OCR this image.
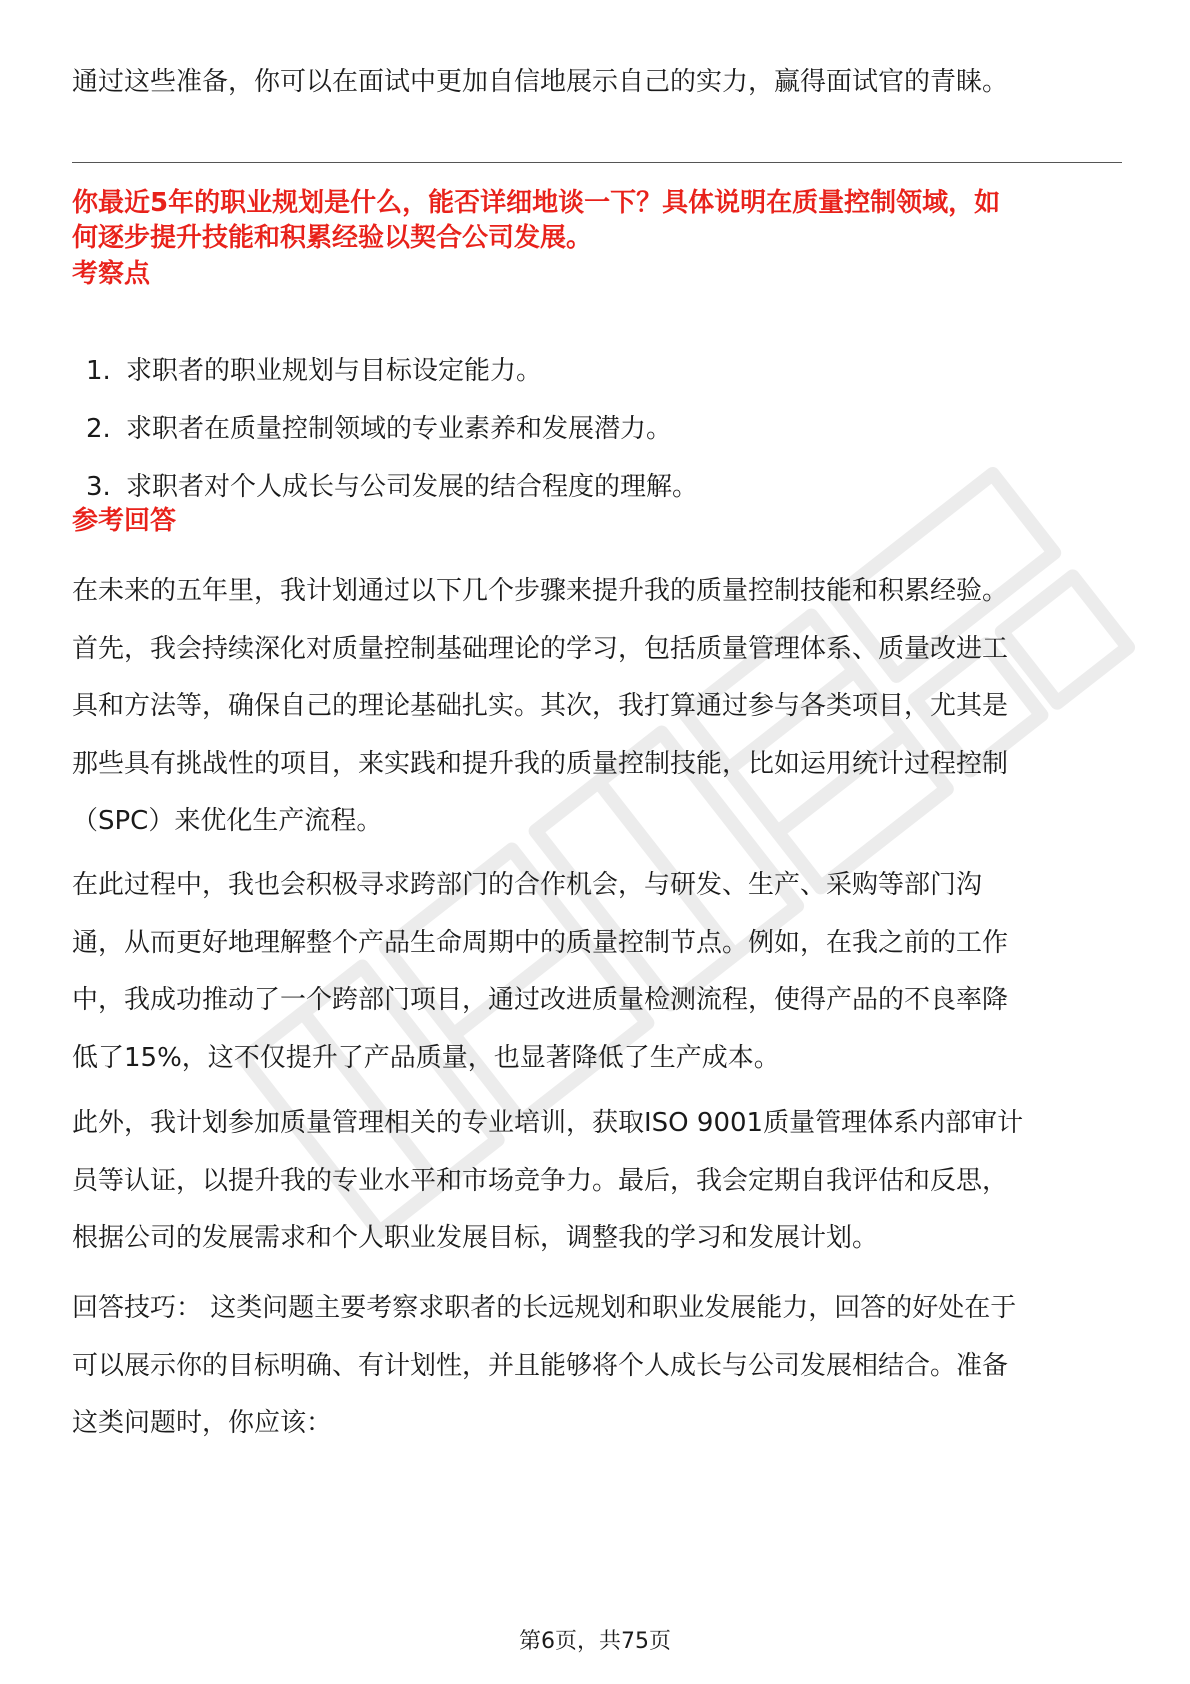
通过这些准备，你可以在面试中更加自信地展示自己的实力，赢得面试官的青睐。
你最近5年的职业规划是什么，能否详细地谈一下？具体说明在质量控制领域，如
何逐步提升技能和积累经验以契合公司发展。
考察点
1. 求职者的职业规划与目标设定能力。
2. 求职者在质量控制领域的专业素养和发展潜力。
3. 求职者对个人成长与公司发展的结合程度的理解。
参考回答
在未来的五年里，我计划通过以下几个步骤来提升我的质量控制技能和积累经验。
首先，我会持续深化对质量控制基础理论的学习，包括质量管理体系、质量改进工
具和方法等，确保自己的理论基础扎实。其次，我打算通过参与各类项目，尤其是
那些具有挑战性的项目，来实践和提升我的质量控制技能，比如运用统计过程控制
（SPC）来优化生产流程。
在此过程中，我也会积极寻求跨部门的合作机会，与研发、生产、采购等部门沟
通，从而更好地理解整个产品生命周期中的质量控制节点。例如，在我之前的工作
中，我成功推动了一个跨部门项目，通过改进质量检测流程，使得产品的不良率降
低了15%，这不仅提升了产品质量，也显著降低了生产成本。
此外，我计划参加质量管理相关的专业培训，获取ISO 9001质量管理体系内部审计
员等认证，以提升我的专业水平和市场竞争力。最后，我会定期自我评估和反思，
根据公司的发展需求和个人职业发展目标，调整我的学习和发展计划。
回答技巧： 这类问题主要考察求职者的长远规划和职业发展能力，回答的好处在于
可以展示你的目标明确、有计划性，并且能够将个人成长与公司发展相结合。准备
这类问题时，你应该：
第6页，共75页
